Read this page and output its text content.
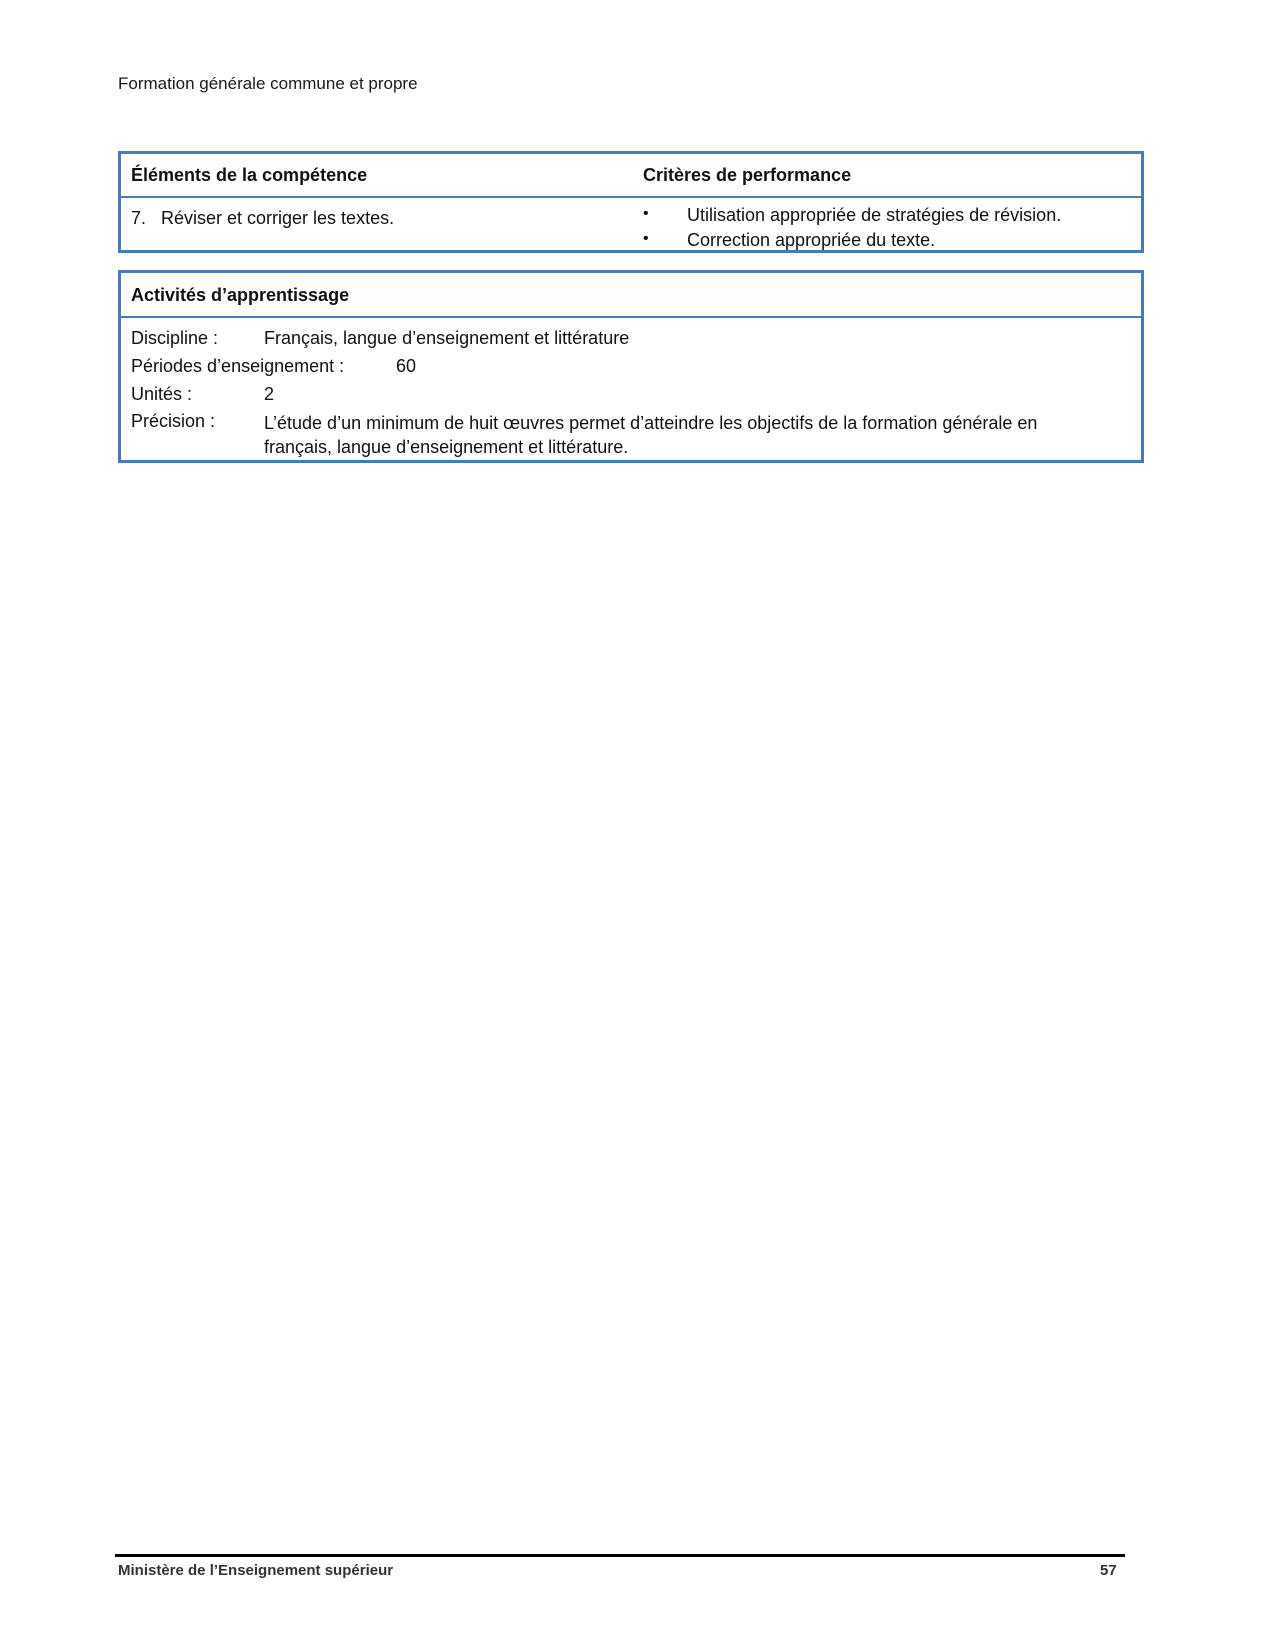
Formation générale commune et propre
Éléments de la compétence	Critères de performance
7. Réviser et corriger les textes.	• Utilisation appropriée de stratégies de révision.
• Correction appropriée du texte.
Activités d’apprentissage
Discipline :	Français, langue d’enseignement et littérature
Périodes d’enseignement :	60
Unités :	2
Précision :	L’étude d’un minimum de huit œuvres permet d’atteindre les objectifs de la formation générale en français, langue d’enseignement et littérature.
Ministère de l’Enseignement supérieur	57
